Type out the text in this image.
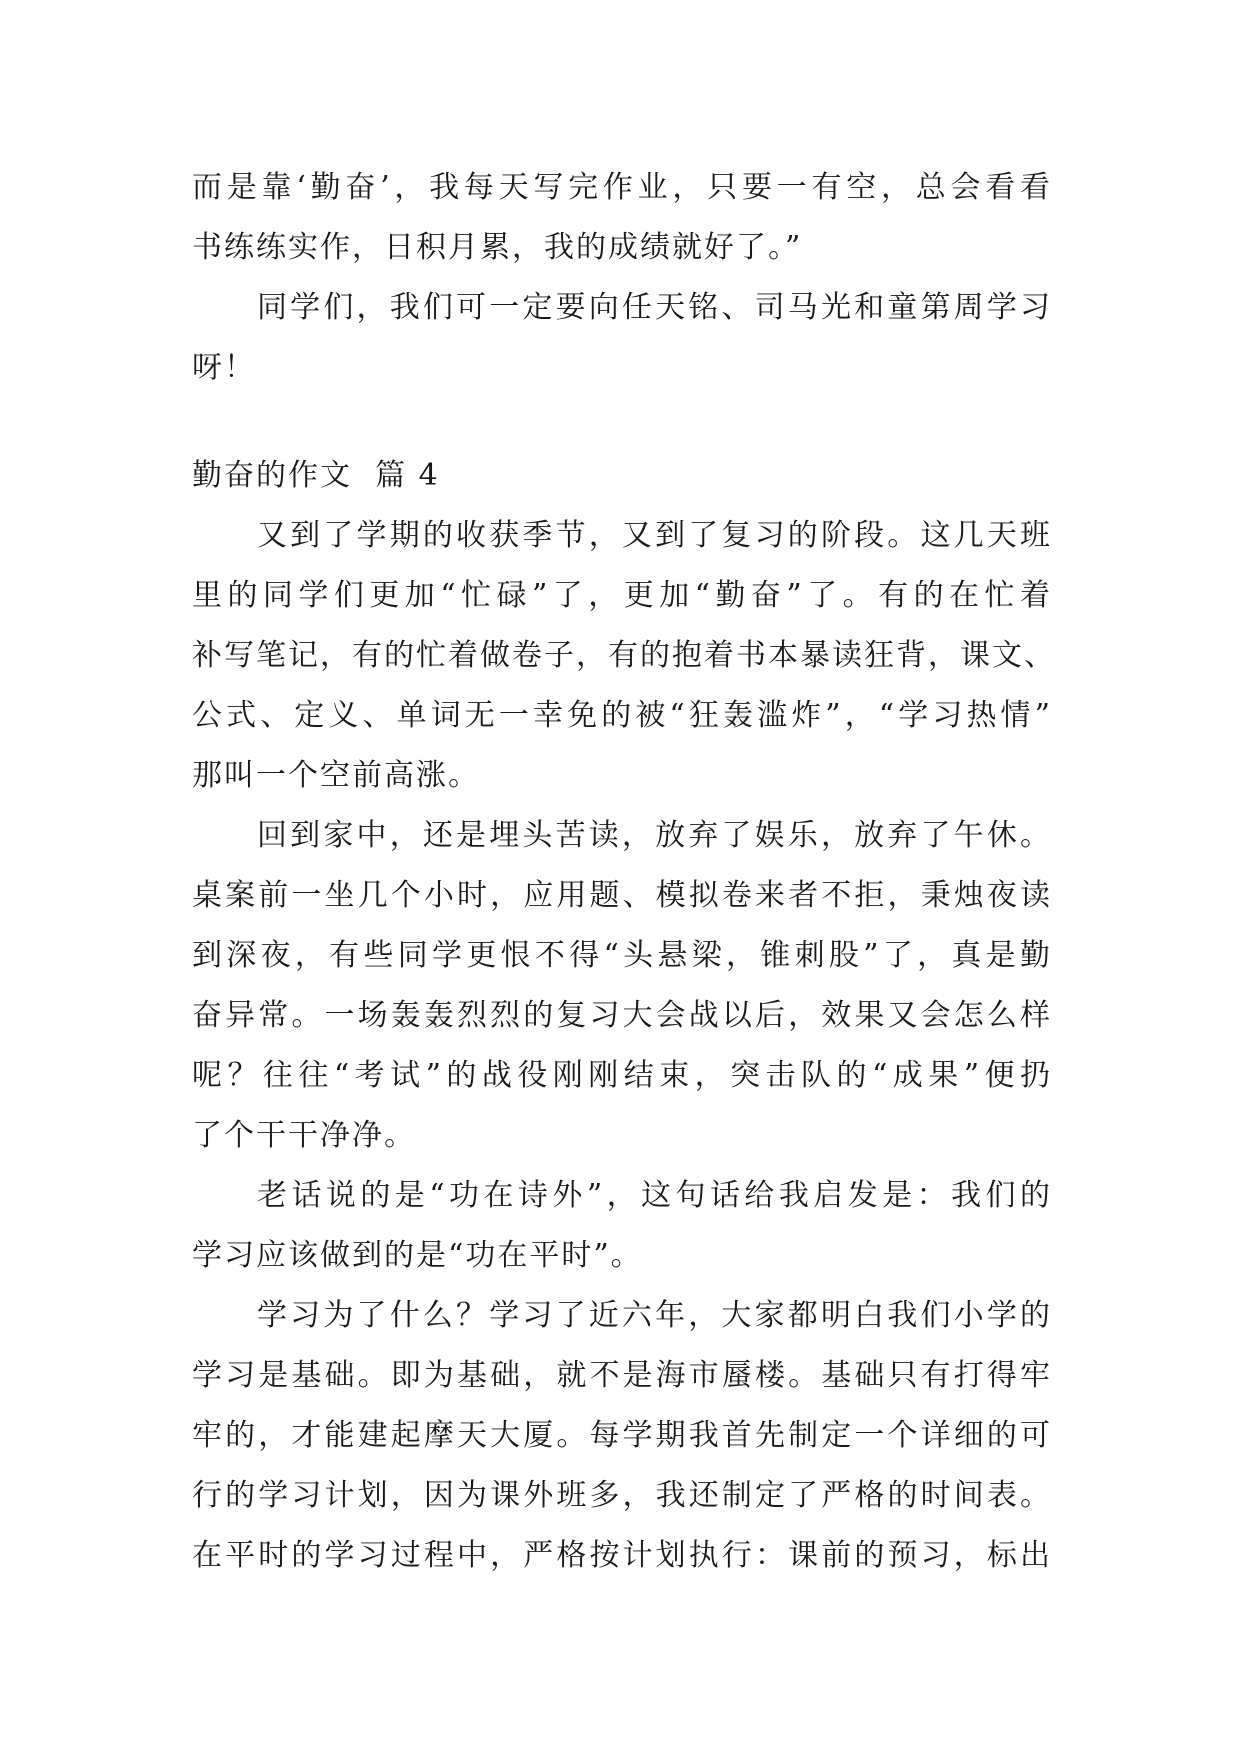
而是靠‘勤奋’，我每天写完作业，只要一有空，总会看看
书练练实作，日积月累，我的成绩就好了。”
同学们，我们可一定要向任天铭、司马光和童第周学习
呀！
勤奋的作文  篇 4
又到了学期的收获季节，又到了复习的阶段。这几天班
里的同学们更加“忙碌”了，更加“勤奋”了。有的在忙着
补写笔记，有的忙着做卷子，有的抱着书本暴读狂背，课文、
公式、定义、单词无一幸免的被“狂轰滥炸”，“学习热情”
那叫一个空前高涨。
回到家中，还是埋头苦读，放弃了娱乐，放弃了午休。
桌案前一坐几个小时，应用题、模拟卷来者不拒，秉烛夜读
到深夜，有些同学更恨不得“头悬梁，锥刺股”了，真是勤
奋异常。一场轰轰烈烈的复习大会战以后，效果又会怎么样
呢？往往“考试”的战役刚刚结束，突击队的“成果”便扔
了个干干净净。
老话说的是“功在诗外”，这句话给我启发是：我们的
学习应该做到的是“功在平时”。
学习为了什么？学习了近六年，大家都明白我们小学的
学习是基础。即为基础，就不是海市蜃楼。基础只有打得牢
牢的，才能建起摩天大厦。每学期我首先制定一个详细的可
行的学习计划，因为课外班多，我还制定了严格的时间表。
在平时的学习过程中，严格按计划执行：课前的预习，标出
